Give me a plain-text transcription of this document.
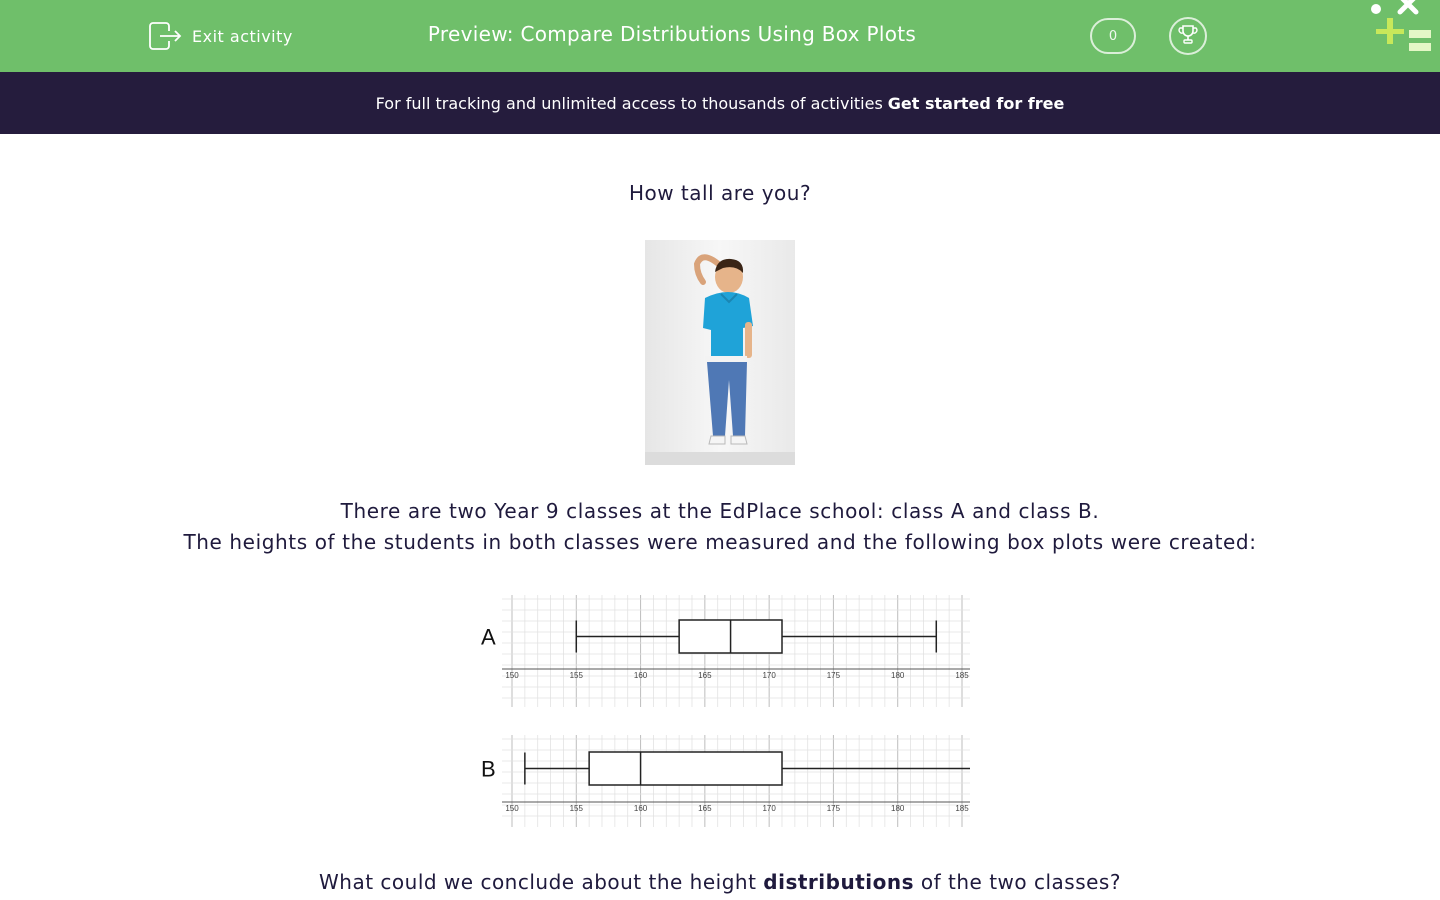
Exit activity	Preview: Compare Distributions Using Box Plots	0
For full tracking and unlimited access to thousands of activities Get started for free
How tall are you?
There are two Year 9 classes at the EdPlace school: class A and class B.
The heights of the students in both classes were measured and the following box plots were created:
150	155	160	165	170	175	180	185
A
150	155	160	165	170	175	180	185
B
What could we conclude about the height distributions of the two classes?
